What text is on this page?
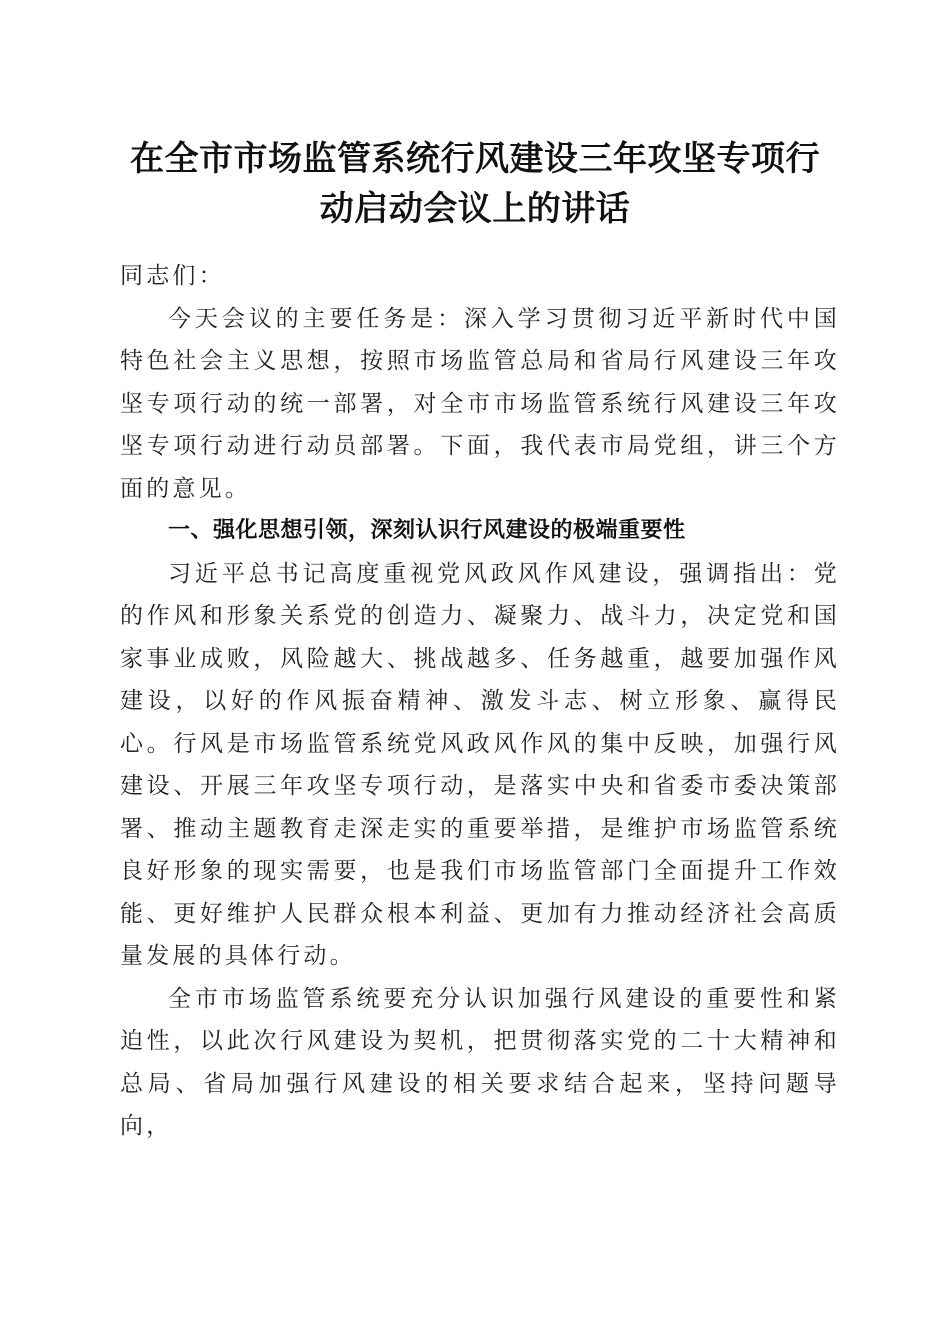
在全市市场监管系统行风建设三年攻坚专项行
动启动会议上的讲话

同志们：

今天会议的主要任务是：深入学习贯彻习近平新时代中国特色社会主义思想，按照市场监管总局和省局行风建设三年攻坚专项行动的统一部署，对全市市场监管系统行风建设三年攻坚专项行动进行动员部署。下面，我代表市局党组，讲三个方面的意见。

一、强化思想引领，深刻认识行风建设的极端重要性

习近平总书记高度重视党风政风作风建设，强调指出：党的作风和形象关系党的创造力、凝聚力、战斗力，决定党和国家事业成败，风险越大、挑战越多、任务越重，越要加强作风建设，以好的作风振奋精神、激发斗志、树立形象、赢得民心。行风是市场监管系统党风政风作风的集中反映，加强行风建设、开展三年攻坚专项行动，是落实中央和省委市委决策部署、推动主题教育走深走实的重要举措，是维护市场监管系统良好形象的现实需要，也是我们市场监管部门全面提升工作效能、更好维护人民群众根本利益、更加有力推动经济社会高质量发展的具体行动。

全市市场监管系统要充分认识加强行风建设的重要性和紧迫性，以此次行风建设为契机，把贯彻落实党的二十大精神和总局、省局加强行风建设的相关要求结合起来，坚持问题导向，
